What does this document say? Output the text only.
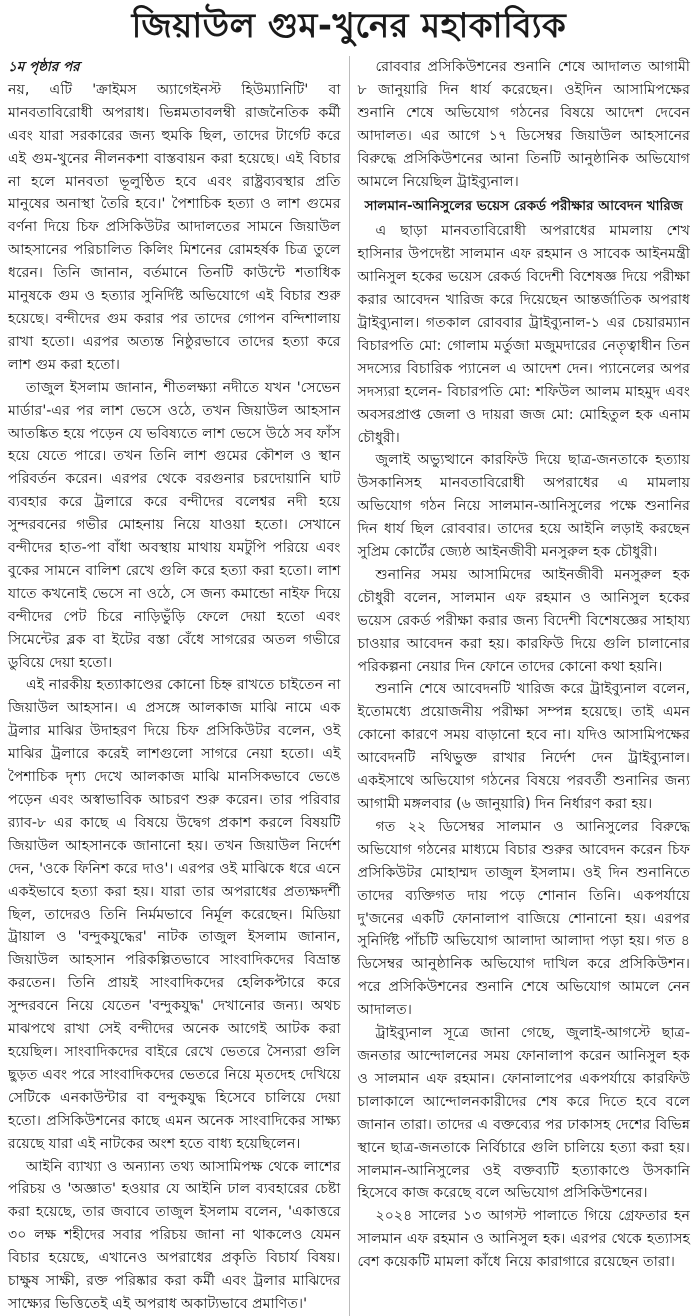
জিয়াউল গুম-খুনের মহাকাব্যিক
১ম পৃষ্ঠার পর

নয়, এটি 'ক্রাইমস অ্যাগেইনস্ট হিউম্যানিটি' বা মানবতাবিরোধী অপরাধ। ভিন্নমতাবলম্বী রাজনৈতিক কর্মী এবং যারা সরকারের জন্য হুমকি ছিল, তাদের টার্গেট করে এই গুম-খুনের নীলনকশা বাস্তবায়ন করা হয়েছে। এই বিচার না হলে মানবতা ভূলুণ্ঠিত হবে এবং রাষ্ট্রব্যবস্থার প্রতি মানুষের অনাস্থা তৈরি হবে।' পৈশাচিক হত্যা ও লাশ গুমের বর্ণনা দিয়ে চিফ প্রসিকিউটর আদালতের সামনে জিয়াউল আহসানের পরিচালিত কিলিং মিশনের রোমহর্ষক চিত্র তুলে ধরেন। তিনি জানান, বর্তমানে তিনটি কাউন্টে শতাধিক মানুষকে গুম ও হত্যার সুনির্দিষ্ট অভিযোগে এই বিচার শুরু হয়েছে। বন্দীদের গুম করার পর তাদের গোপন বন্দিশালায় রাখা হতো। এরপর অত্যন্ত নিষ্ঠুরভাবে তাদের হত্যা করে লাশ গুম করা হতো।

তাজুল ইসলাম জানান, শীতলক্ষ্যা নদীতে যখন 'সেভেন মার্ডার'-এর পর লাশ ভেসে ওঠে, তখন জিয়াউল আহসান আতঙ্কিত হয়ে পড়েন যে ভবিষ্যতে লাশ ভেসে উঠে সব ফাঁস হয়ে যেতে পারে। তখন তিনি লাশ গুমের কৌশল ও স্থান পরিবর্তন করেন। এরপর থেকে বরগুনার চরদোয়ানি ঘাট ব্যবহার করে ট্রলারে করে বন্দীদের বলেশ্বর নদী হয়ে সুন্দরবনের গভীর মোহনায় নিয়ে যাওয়া হতো। সেখানে বন্দীদের হাত-পা বাঁধা অবস্থায় মাথায় যমটুপি পরিয়ে এবং বুকের সামনে বালিশ রেখে গুলি করে হত্যা করা হতো। লাশ যাতে কখনোই ভেসে না ওঠে, সে জন্য কমান্ডো নাইফ দিয়ে বন্দীদের পেট চিরে নাড়িভুঁড়ি ফেলে দেয়া হতো এবং সিমেন্টের ব্লক বা ইটের বস্তা বেঁধে সাগরের অতল গভীরে ডুবিয়ে দেয়া হতো।

এই নারকীয় হত্যাকাণ্ডের কোনো চিহ্ন রাখতে চাইতেন না জিয়াউল আহসান। এ প্রসঙ্গে আলকাজ মাঝি নামে এক ট্রলার মাঝির উদাহরণ দিয়ে চিফ প্রসিকিউটর বলেন, ওই মাঝির ট্রলারে করেই লাশগুলো সাগরে নেয়া হতো। এই পৈশাচিক দৃশ্য দেখে আলকাজ মাঝি মানসিকভাবে ভেঙে পড়েন এবং অস্বাভাবিক আচরণ শুরু করেন। তার পরিবার র‍্যাব-৮ এর কাছে এ বিষয়ে উদ্বেগ প্রকাশ করলে বিষয়টি জিয়াউল আহসানকে জানানো হয়। তখন জিয়াউল নির্দেশ দেন, 'ওকে ফিনিশ করে দাও'। এরপর ওই মাঝিকে ধরে এনে একইভাবে হত্যা করা হয়। যারা তার অপরাধের প্রত্যক্ষদর্শী ছিল, তাদেরও তিনি নির্মমভাবে নির্মূল করেছেন। মিডিয়া ট্রায়াল ও 'বন্দুকযুদ্ধের' নাটক তাজুল ইসলাম জানান, জিয়াউল আহসান পরিকল্পিতভাবে সাংবাদিকদের বিভ্রান্ত করতেন। তিনি প্রায়ই সাংবাদিকদের হেলিকপ্টারে করে সুন্দরবনে নিয়ে যেতেন 'বন্দুকযুদ্ধ' দেখানোর জন্য। অথচ মাঝপথে রাখা সেই বন্দীদের অনেক আগেই আটক করা হয়েছিল। সাংবাদিকদের বাইরে রেখে ভেতরে সৈন্যরা গুলি ছুড়ত এবং পরে সাংবাদিকদের ভেতরে নিয়ে মৃতদেহ দেখিয়ে সেটিকে এনকাউন্টার বা বন্দুকযুদ্ধ হিসেবে চালিয়ে দেয়া হতো। প্রসিকিউশনের কাছে এমন অনেক সাংবাদিকের সাক্ষ্য রয়েছে যারা এই নাটকের অংশ হতে বাধ্য হয়েছিলেন।

আইনি ব্যাখ্যা ও অন্যান্য তথ্য আসামিপক্ষ থেকে লাশের পরিচয় ও 'অজ্ঞাত' হওয়ার যে আইনি ঢাল ব্যবহারের চেষ্টা করা হয়েছে, তার জবাবে তাজুল ইসলাম বলেন, 'একাত্তরে ৩০ লক্ষ শহীদের সবার পরিচয় জানা না থাকলেও যেমন বিচার হয়েছে, এখানেও অপরাধের প্রকৃতি বিচার্য বিষয়। চাক্ষুষ সাক্ষী, রক্ত পরিষ্কার করা কর্মী এবং ট্রলার মাঝিদের সাক্ষ্যের ভিত্তিতেই এই অপরাধ অকাট্যভাবে প্রমাণিত।'

রোববার প্রসিকিউশনের শুনানি শেষে আদালত আগামী ৮ জানুয়ারি দিন ধার্য করেছেন। ওইদিন আসামিপক্ষের শুনানি শেষে অভিযোগ গঠনের বিষয়ে আদেশ দেবেন আদালত। এর আগে ১৭ ডিসেম্বর জিয়াউল আহসানের বিরুদ্ধে প্রসিকিউশনের আনা তিনটি আনুষ্ঠানিক অভিযোগ আমলে নিয়েছিল ট্রাইব্যুনাল।

সালমান-আনিসুলের ভয়েস রেকর্ড পরীক্ষার আবেদন খারিজ

এ ছাড়া মানবতাবিরোধী অপরাধের মামলায় শেখ হাসিনার উপদেষ্টা সালমান এফ রহমান ও সাবেক আইনমন্ত্রী আনিসুল হকের ভয়েস রেকর্ড বিদেশী বিশেষজ্ঞ দিয়ে পরীক্ষা করার আবেদন খারিজ করে দিয়েছেন আন্তর্জাতিক অপরাধ ট্রাইব্যুনাল। গতকাল রোববার ট্রাইব্যুনাল-১ এর চেয়ারম্যান বিচারপতি মো: গোলাম মর্তুজা মজুমদারের নেতৃত্বাধীন তিন সদস্যের বিচারিক প্যানেল এ আদেশ দেন। প্যানেলের অপর সদস্যরা হলেন- বিচারপতি মো: শফিউল আলম মাহমুদ এবং অবসরপ্রাপ্ত জেলা ও দায়রা জজ মো: মোহিতুল হক এনাম চৌধুরী।

জুলাই অভ্যুত্থানে কারফিউ দিয়ে ছাত্র-জনতাকে হত্যায় উসকানিসহ মানবতাবিরোধী অপরাধের এ মামলায় অভিযোগ গঠন নিয়ে সালমান-আনিসুলের পক্ষে শুনানির দিন ধার্য ছিল রোববার। তাদের হয়ে আইনি লড়াই করছেন সুপ্রিম কোর্টের জ্যেষ্ঠ আইনজীবী মনসুরুল হক চৌধুরী।

শুনানির সময় আসামিদের আইনজীবী মনসুরুল হক চৌধুরী বলেন, সালমান এফ রহমান ও আনিসুল হকের ভয়েস রেকর্ড পরীক্ষা করার জন্য বিদেশী বিশেষজ্ঞের সাহায্য চাওয়ার আবেদন করা হয়। কারফিউ দিয়ে গুলি চালানোর পরিকল্পনা নেয়ার দিন ফোনে তাদের কোনো কথা হয়নি।

শুনানি শেষে আবেদনটি খারিজ করে ট্রাইব্যুনাল বলেন, ইতোমধ্যে প্রয়োজনীয় পরীক্ষা সম্পন্ন হয়েছে। তাই এমন কোনো কারণে সময় বাড়ানো হবে না। যদিও আসামিপক্ষের আবেদনটি নথিভুক্ত রাখার নির্দেশ দেন ট্রাইব্যুনাল। একইসাথে অভিযোগ গঠনের বিষয়ে পরবর্তী শুনানির জন্য আগামী মঙ্গলবার (৬ জানুয়ারি) দিন নির্ধারণ করা হয়।

গত ২২ ডিসেম্বর সালমান ও আনিসুলের বিরুদ্ধে অভিযোগ গঠনের মাধ্যমে বিচার শুরুর আবেদন করেন চিফ প্রসিকিউটর মোহাম্মদ তাজুল ইসলাম। ওই দিন শুনানিতে তাদের ব্যক্তিগত দায় পড়ে শোনান তিনি। একপর্যায়ে দু'জনের একটি ফোনালাপ বাজিয়ে শোনানো হয়। এরপর সুনির্দিষ্ট পাঁচটি অভিযোগ আলাদা আলাদা পড়া হয়। গত ৪ ডিসেম্বর আনুষ্ঠানিক অভিযোগ দাখিল করে প্রসিকিউশন। পরে প্রসিকিউশনের শুনানি শেষে অভিযোগ আমলে নেন আদালত।

ট্রাইব্যুনাল সূত্রে জানা গেছে, জুলাই-আগস্টে ছাত্র-জনতার আন্দোলনের সময় ফোনালাপ করেন আনিসুল হক ও সালমান এফ রহমান। ফোনালাপের একপর্যায়ে কারফিউ চালাকালে আন্দোলনকারীদের শেষ করে দিতে হবে বলে জানান তারা। তাদের এ বক্তব্যের পর ঢাকাসহ দেশের বিভিন্ন স্থানে ছাত্র-জনতাকে নির্বিচারে গুলি চালিয়ে হত্যা করা হয়। সালমান-আনিসুলের ওই বক্তব্যটি হত্যাকাণ্ডে উসকানি হিসেবে কাজ করেছে বলে অভিযোগ প্রসিকিউশনের।

২০২৪ সালের ১৩ আগস্ট পালাতে গিয়ে গ্রেফতার হন সালমান এফ রহমান ও আনিসুল হক। এরপর থেকে হত্যাসহ বেশ কয়েকটি মামলা কাঁধে নিয়ে কারাগারে রয়েছেন তারা।
